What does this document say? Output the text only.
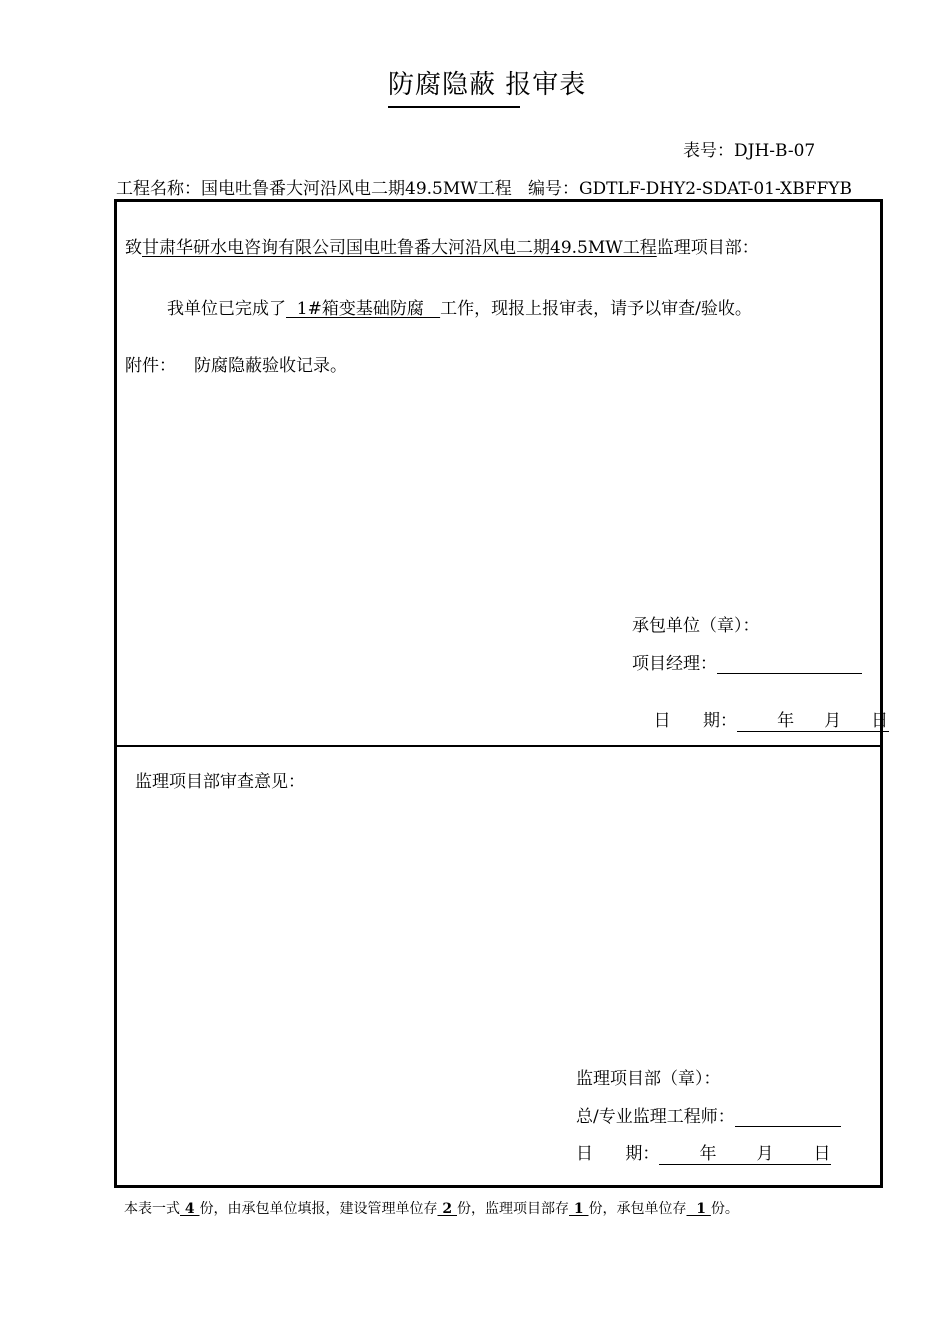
防腐隐蔽 报审表
表号：DJH-B-07
工程名称：国电吐鲁番大河沿风电二期49.5MW工程 编号：GDTLF-DHY2-SDAT-01-XBFFYB
致甘肃华研水电咨询有限公司国电吐鲁番大河沿风电二期49.5MW工程监理项目部：
我单位已完成了  1#箱变基础防腐   工作，现报上报审表，请予以审查/验收。
附件： 防腐隐蔽验收记录。
承包单位（章）：
项目经理：

日      期： 年 月 日

监理项目部审查意见：
监理项目部（章）：
总/专业监理工程师：
日      期： 年 月 日
本表一式 4 份，由承包单位填报，建设管理单位存 2 份，监理项目部存 1 份，承包单位存  1 份。
